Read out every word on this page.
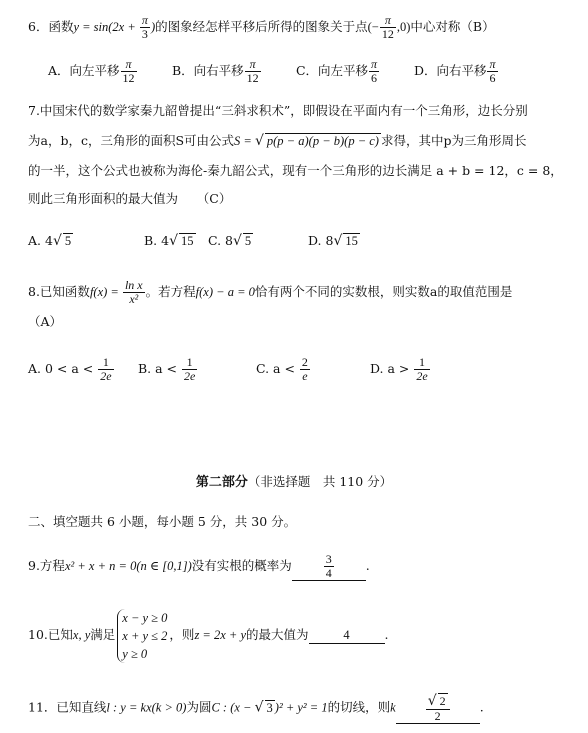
6．函数$y = \sin(2x + \frac{\pi}{3}$ )的图象经怎样平移后所得的图象关于点(− $\frac{\pi}{12} ,0$)中心对称（B）
A．向左平移 $\frac{\pi}{12}$	B．向右平移 $\frac{\pi}{12}$	C．向左平移 $\frac{\pi}{6}$	D．向右平移 $\frac{\pi}{6}$
7.中国宋代的数学家秦九韶曾提出“三斜求积术”，即假设在平面内有一个三角形，边长分别
为a，b，c，三角形的面积S可由公式S = √ p(p − a)(p − b)(p − c) 求得，其中p为三角形周长
的一半，这个公式也被称为海伦-秦九韶公式，现有一个三角形的边长满足 a + b = 12，c = 8，
则此三角形面积的最大值为　　（C）
A. 4√ 5	B. 4√ 15 C. 8√ 5	D. 8√ 15
8.已知函数$f(x) = \frac{\text{ln x}}{\text{x²}}$ 。若方程f(x) − a = 0恰有两个不同的实数根，则实数a的取值范围是
（A）
A. $0 < a < \frac{1}{2e} B$. $a < \frac{1}{2e}$	C. $a < \frac{2}{e}$	D. $a > \frac{1}{2e}$
第二部分（非选择题　共 110 分）
二、填空题共 6 小题，每小题 5 分，共 30 分。
9.方程x² + x + n = 0(n ∈ [0,1])没有实根的概率为	$\frac{3}{4}$	.
10.已知x, y满足
x − y ≥ 0
x + y ≤ 2
y ≥ 0
，则z = 2x + y的最大值为	4	.
11．已知直线l : y = kx(k > 0)为圆C : (x − √ 3 )² + y² = 1的切线，则k $\frac{√ 2}{2}$ .
